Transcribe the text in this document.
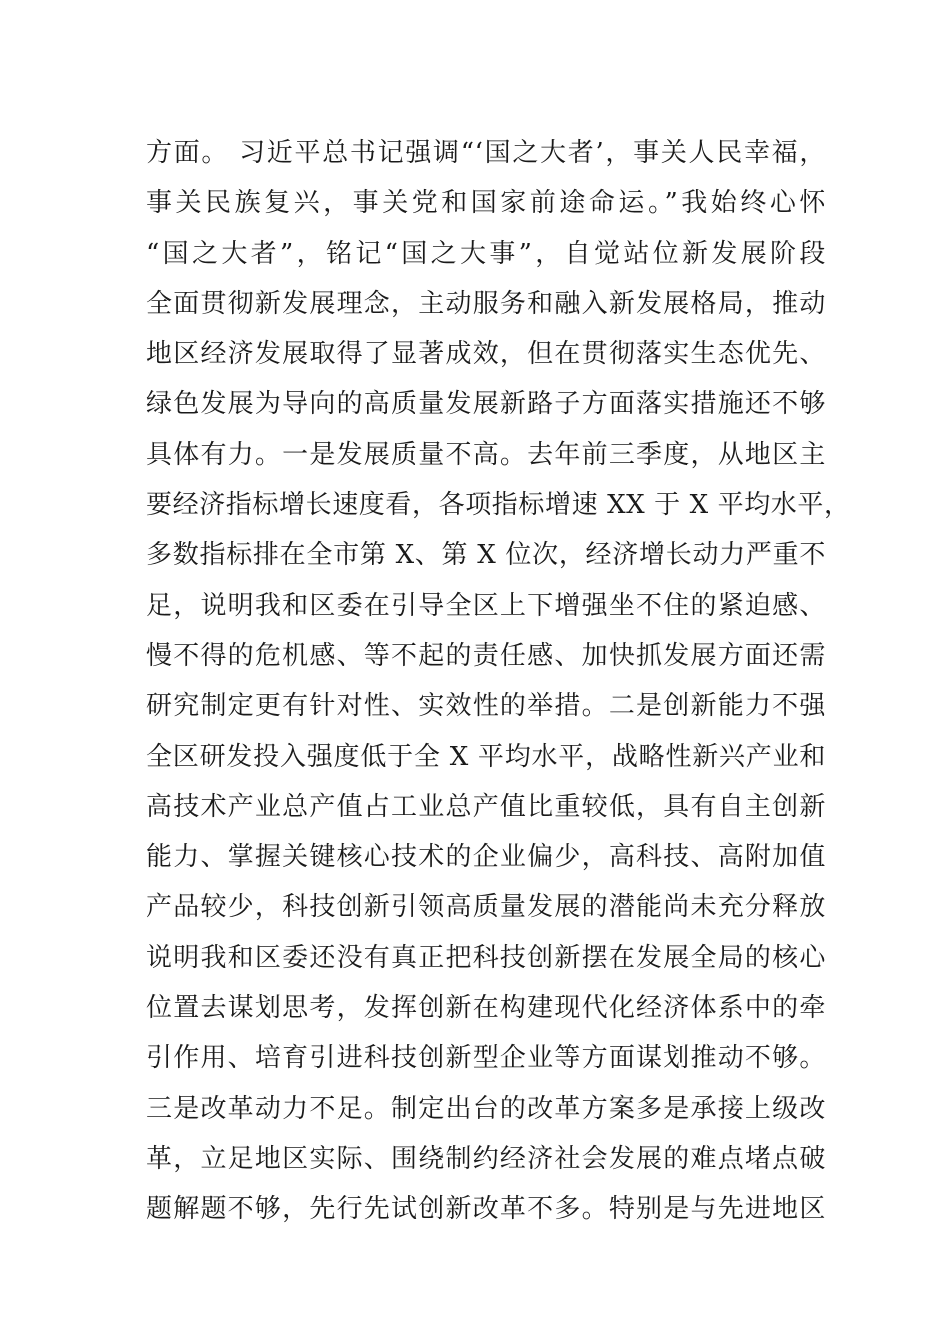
方面。 习近平总书记强调“‘国之大者’，事关人民幸福，
事关民族复兴，事关党和国家前途命运。”我始终心怀
“国之大者”，铭记“国之大事”，自觉站位新发展阶段
全面贯彻新发展理念，主动服务和融入新发展格局，推动
地区经济发展取得了显著成效，但在贯彻落实生态优先、
绿色发展为导向的高质量发展新路子方面落实措施还不够
具体有力。一是发展质量不高。去年前三季度，从地区主
要经济指标增长速度看，各项指标增速 XX 于 X 平均水平，
多数指标排在全市第 X、第 X 位次，经济增长动力严重不
足，说明我和区委在引导全区上下增强坐不住的紧迫感、
慢不得的危机感、等不起的责任感、加快抓发展方面还需
研究制定更有针对性、实效性的举措。二是创新能力不强
全区研发投入强度低于全 X 平均水平，战略性新兴产业和
高技术产业总产值占工业总产值比重较低，具有自主创新
能力、掌握关键核心技术的企业偏少，高科技、高附加值
产品较少，科技创新引领高质量发展的潜能尚未充分释放
说明我和区委还没有真正把科技创新摆在发展全局的核心
位置去谋划思考，发挥创新在构建现代化经济体系中的牵
引作用、培育引进科技创新型企业等方面谋划推动不够。
三是改革动力不足。制定出台的改革方案多是承接上级改
革，立足地区实际、围绕制约经济社会发展的难点堵点破
题解题不够，先行先试创新改革不多。特别是与先进地区
